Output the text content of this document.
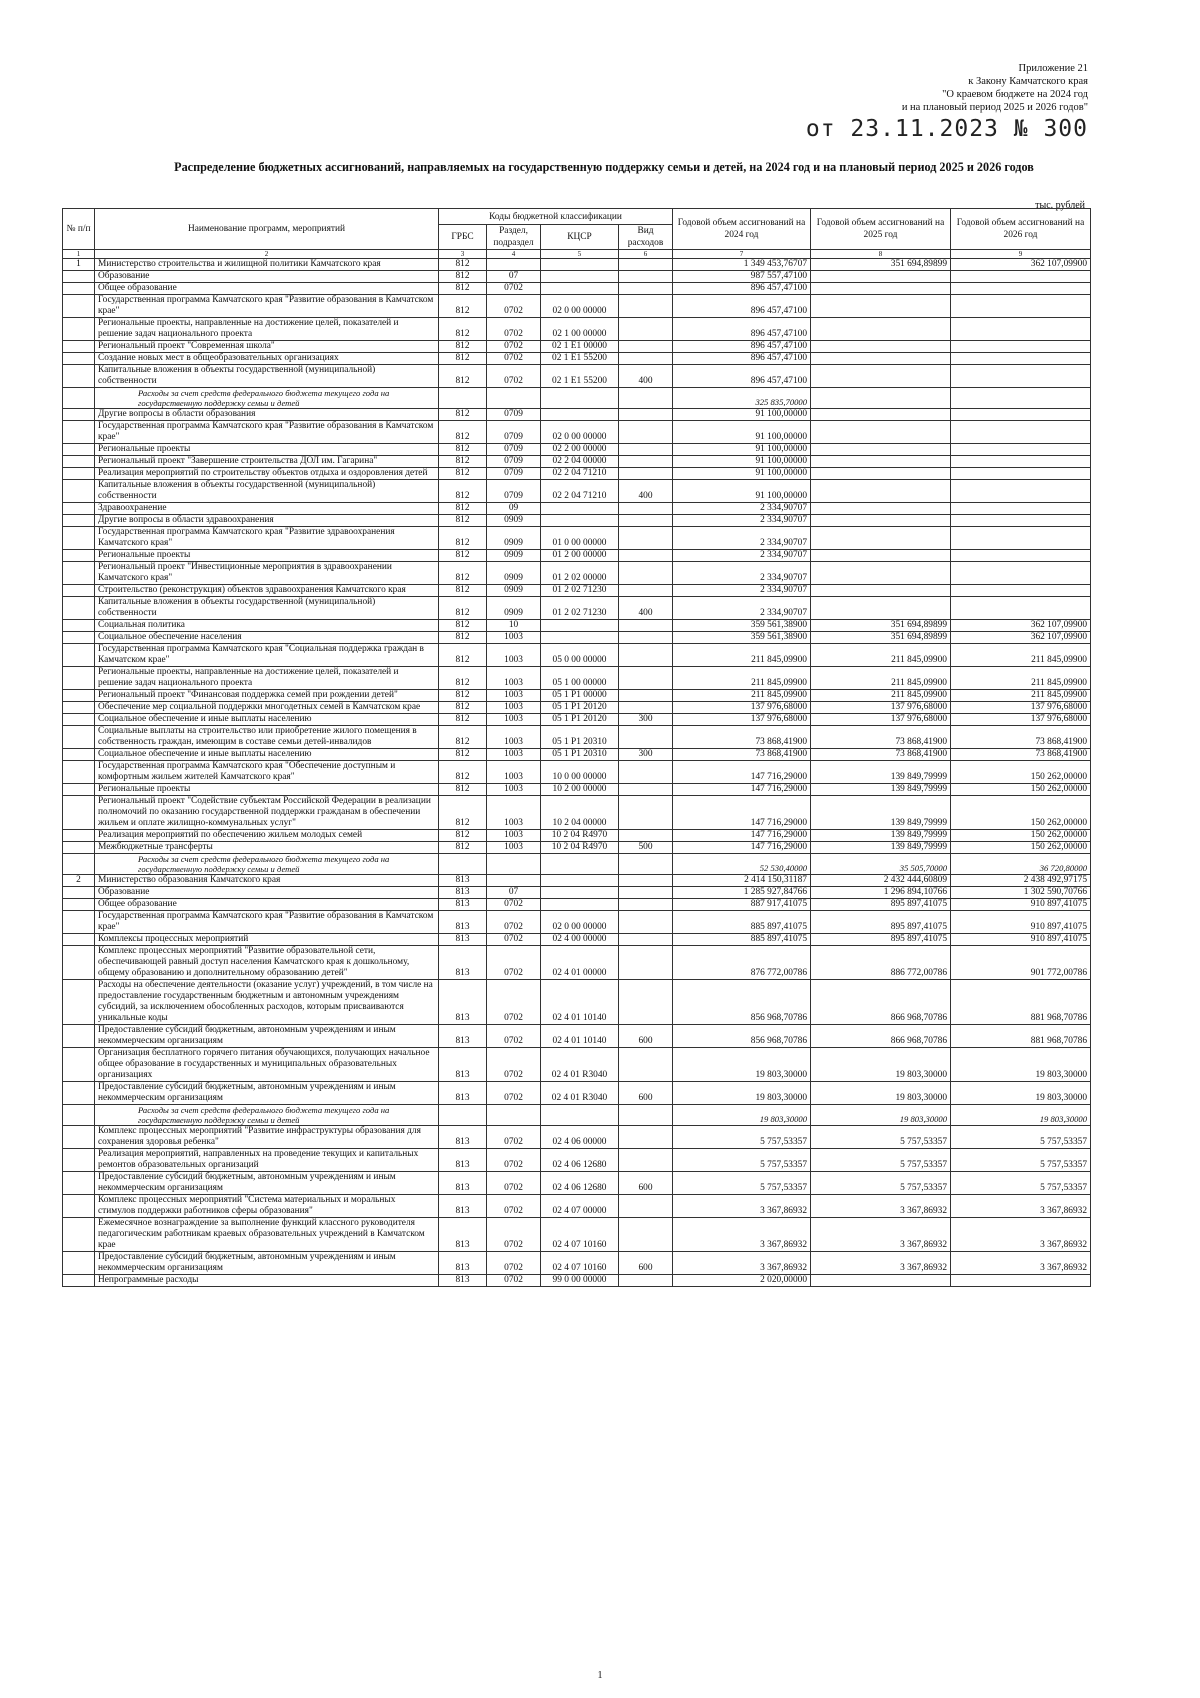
Приложение 21
к Закону Камчатского края
"О краевом бюджете на 2024 год
и на плановый период 2025 и 2026 годов"
от 23.11.2023 № 300
Распределение бюджетных ассигнований, направляемых на государственную поддержку семьи и детей, на 2024 год и на плановый период 2025 и 2026 годов
тыс. рублей
№ п/п	Наименование программ, мероприятий	Коды бюджетной классификации				Годовой объем ассигнований на 2024 год	Годовой объем ассигнований на 2025 год	Годовой объем ассигнований на 2026 год
		ГРБС	Раздел, подраздел	КЦСР	Вид расходов			
1	2	3	4	5	6	7	8	9
1	Министерство строительства и жилищной политики Камчатского края	812				1 349 453,76707	351 694,89899	362 107,09900
	Образование	812	07			987 557,47100		
	Общее образование	812	0702			896 457,47100		
	Государственная программа Камчатского края "Развитие образования в Камчатском крае"	812	0702	02 0 00 00000		896 457,47100		
	Региональные проекты, направленные на достижение целей, показателей и решение задач национального проекта	812	0702	02 1 00 00000		896 457,47100		
	Региональный проект "Современная школа"	812	0702	02 1 Е1 00000		896 457,47100		
	Создание новых мест в общеобразовательных организациях	812	0702	02 1 Е1 55200		896 457,47100		
	Капитальные вложения в объекты государственной (муниципальной) собственности	812	0702	02 1 Е1 55200	400	896 457,47100		

	Расходы за счет средств федерального бюджета текущего года на государственную поддержку семьи и детей					325 835,70000		
	Другие вопросы в области образования	812	0709			91 100,00000		
	Государственная программа Камчатского края "Развитие образования в Камчатском крае"	812	0709	02 0 00 00000		91 100,00000		
	Региональные проекты	812	0709	02 2 00 00000		91 100,00000		
	Региональный проект "Завершение строительства ДОЛ им. Гагарина"	812	0709	02 2 04 00000		91 100,00000		
	Реализация мероприятий по строительству объектов отдыха и оздоровления детей	812	0709	02 2 04 71210		91 100,00000		
	Капитальные вложения в объекты государственной (муниципальной) собственности	812	0709	02 2 04 71210	400	91 100,00000		
	Здравоохранение	812	09			2 334,90707		
	Другие вопросы в области здравоохранения	812	0909			2 334,90707		
	Государственная программа Камчатского края "Развитие здравоохранения Камчатского края"	812	0909	01 0 00 00000		2 334,90707		
	Региональные проекты	812	0909	01 2 00 00000		2 334,90707		
	Региональный проект "Инвестиционные мероприятия в здравоохранении Камчатского края"	812	0909	01 2 02 00000		2 334,90707		
	Строительство (реконструкция) объектов здравоохранения Камчатского края	812	0909	01 2 02 71230		2 334,90707		
	Капитальные вложения в объекты государственной (муниципальной) собственности	812	0909	01 2 02 71230	400	2 334,90707		
	Социальная политика	812	10			359 561,38900	351 694,89899	362 107,09900
	Социальное обеспечение населения	812	1003			359 561,38900	351 694,89899	362 107,09900
	Государственная программа Камчатского края "Социальная поддержка граждан в Камчатском крае"	812	1003	05 0 00 00000		211 845,09900	211 845,09900	211 845,09900
	Региональные проекты, направленные на достижение целей, показателей и решение задач национального проекта	812	1003	05 1 00 00000		211 845,09900	211 845,09900	211 845,09900
	Региональный проект "Финансовая поддержка семей при рождении детей"	812	1003	05 1 Р1 00000		211 845,09900	211 845,09900	211 845,09900
	Обеспечение мер социальной поддержки многодетных семей в Камчатском крае	812	1003	05 1 Р1 20120		137 976,68000	137 976,68000	137 976,68000
	Социальное обеспечение и иные выплаты населению	812	1003	05 1 Р1 20120	300	137 976,68000	137 976,68000	137 976,68000
	Социальные выплаты на строительство или приобретение жилого помещения в собственность граждан, имеющим в составе семьи детей-инвалидов	812	1003	05 1 Р1 20310		73 868,41900	73 868,41900	73 868,41900
	Социальное обеспечение и иные выплаты населению	812	1003	05 1 Р1 20310	300	73 868,41900	73 868,41900	73 868,41900
	Государственная программа Камчатского края "Обеспечение доступным и комфортным жильем жителей Камчатского края"	812	1003	10 0 00 00000		147 716,29000	139 849,79999	150 262,00000
	Региональные проекты	812	1003	10 2 00 00000		147 716,29000	139 849,79999	150 262,00000
	Региональный проект "Содействие субъектам Российской Федерации в реализации полномочий по оказанию государственной поддержки гражданам в обеспечении жильем и оплате жилищно-коммунальных услуг"	812	1003	10 2 04 00000		147 716,29000	139 849,79999	150 262,00000
	Реализация мероприятий по обеспечению жильем молодых семей	812	1003	10 2 04 R4970		147 716,29000	139 849,79999	150 262,00000
	Межбюджетные трансферты	812	1003	10 2 04 R4970	500	147 716,29000	139 849,79999	150 262,00000

	Расходы за счет средств федерального бюджета текущего года на государственную поддержку семьи и детей					52 530,40000	35 505,70000	36 720,80000
2	Министерство образования Камчатского края	813				2 414 150,31187	2 432 444,60809	2 438 492,97175
	Образование	813	07			1 285 927,84766	1 296 894,10766	1 302 590,70766
	Общее образование	813	0702			887 917,41075	895 897,41075	910 897,41075
	Государственная программа Камчатского края "Развитие образования в Камчатском крае"	813	0702	02 0 00 00000		885 897,41075	895 897,41075	910 897,41075
	Комплексы процессных мероприятий	813	0702	02 4 00 00000		885 897,41075	895 897,41075	910 897,41075
	Комплекс процессных мероприятий "Развитие образовательной сети, обеспечивающей равный доступ населения Камчатского края к дошкольному, общему образованию и дополнительному образованию детей"	813	0702	02 4 01 00000		876 772,00786	886 772,00786	901 772,00786
	Расходы на обеспечение деятельности (оказание услуг) учреждений, в том числе на предоставление государственным бюджетным и автономным учреждениям субсидий, за исключением обособленных расходов, которым присваиваются уникальные коды	813	0702	02 4 01 10140		856 968,70786	866 968,70786	881 968,70786
	Предоставление субсидий бюджетным, автономным учреждениям и иным некоммерческим организациям	813	0702	02 4 01 10140	600	856 968,70786	866 968,70786	881 968,70786
	Организация бесплатного горячего питания обучающихся, получающих начальное общее образование в государственных и муниципальных образовательных организациях	813	0702	02 4 01 R3040		19 803,30000	19 803,30000	19 803,30000
	Предоставление субсидий бюджетным, автономным учреждениям и иным некоммерческим организациям	813	0702	02 4 01 R3040	600	19 803,30000	19 803,30000	19 803,30000

	Расходы за счет средств федерального бюджета текущего года на государственную поддержку семьи и детей					19 803,30000	19 803,30000	19 803,30000
	Комплекс процессных мероприятий "Развитие инфраструктуры образования для сохранения здоровья ребенка"	813	0702	02 4 06 00000		5 757,53357	5 757,53357	5 757,53357
	Реализация мероприятий, направленных на проведение текущих и капитальных ремонтов образовательных организаций	813	0702	02 4 06 12680		5 757,53357	5 757,53357	5 757,53357
	Предоставление субсидий бюджетным, автономным учреждениям и иным некоммерческим организациям	813	0702	02 4 06 12680	600	5 757,53357	5 757,53357	5 757,53357
	Комплекс процессных мероприятий "Система материальных и моральных стимулов поддержки работников сферы образования"	813	0702	02 4 07 00000		3 367,86932	3 367,86932	3 367,86932
	Ежемесячное вознаграждение за выполнение функций классного руководителя педагогическим работникам краевых образовательных учреждений в Камчатском крае	813	0702	02 4 07 10160		3 367,86932	3 367,86932	3 367,86932
	Предоставление субсидий бюджетным, автономным учреждениям и иным некоммерческим организациям	813	0702	02 4 07 10160	600	3 367,86932	3 367,86932	3 367,86932
	Непрограммные расходы	813	0702	99 0 00 00000		2 020,00000		
1
